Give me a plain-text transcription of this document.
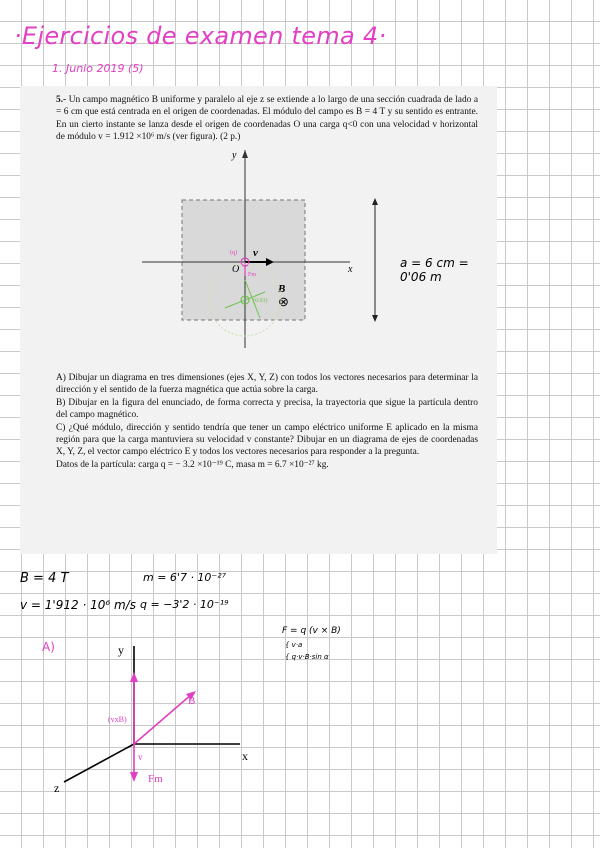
·Ejercicios de examen tema 4·
1. Junio 2019 (5)
5.- Un campo magnético B uniforme y paralelo al eje z se extiende a lo largo de una sección cuadrada de lado a = 6 cm que está centrada en el origen de coordenadas. El módulo del campo es B = 4 T y su sentido es entrante. En un cierto instante se lanza desde el origen de coordenadas O una carga q<0 con una velocidad v horizontal de módulo v = 1.912 ×10⁶ m/s (ver figura). (2 p.)
y
x
O
v
B
⊗
(q)
Fm
(0.03)
a = 6 cm = 0'06 m

A) Dibujar un diagrama en tres dimensiones (ejes X, Y, Z) con todos los vectores necesarios para determinar la dirección y el sentido de la fuerza magnética que actúa sobre la carga.

B) Dibujar en la figura del enunciado, de forma correcta y precisa, la trayectoria que sigue la partícula dentro del campo magnético.

C) ¿Qué módulo, dirección y sentido tendría que tener un campo eléctrico uniforme E aplicado en la misma región para que la carga mantuviera su velocidad v constante? Dibujar en un diagrama de ejes de coordenadas X, Y, Z, el vector campo eléctrico E y todos los vectores necesarios para responder a la pregunta.

Datos de la partícula: carga q = − 3.2 ×10⁻¹⁹ C, masa m = 6.7 ×10⁻²⁷ kg.

B = 4 T	m = 6'7 · 10⁻²⁷
v = 1'912 · 10⁶ m/s q = −3'2 · 10⁻¹⁹
A)
F = q (v × B)
{ v·a
{ q·v·B·sin α
y
x
z
B
(vxB)
v
Fm
